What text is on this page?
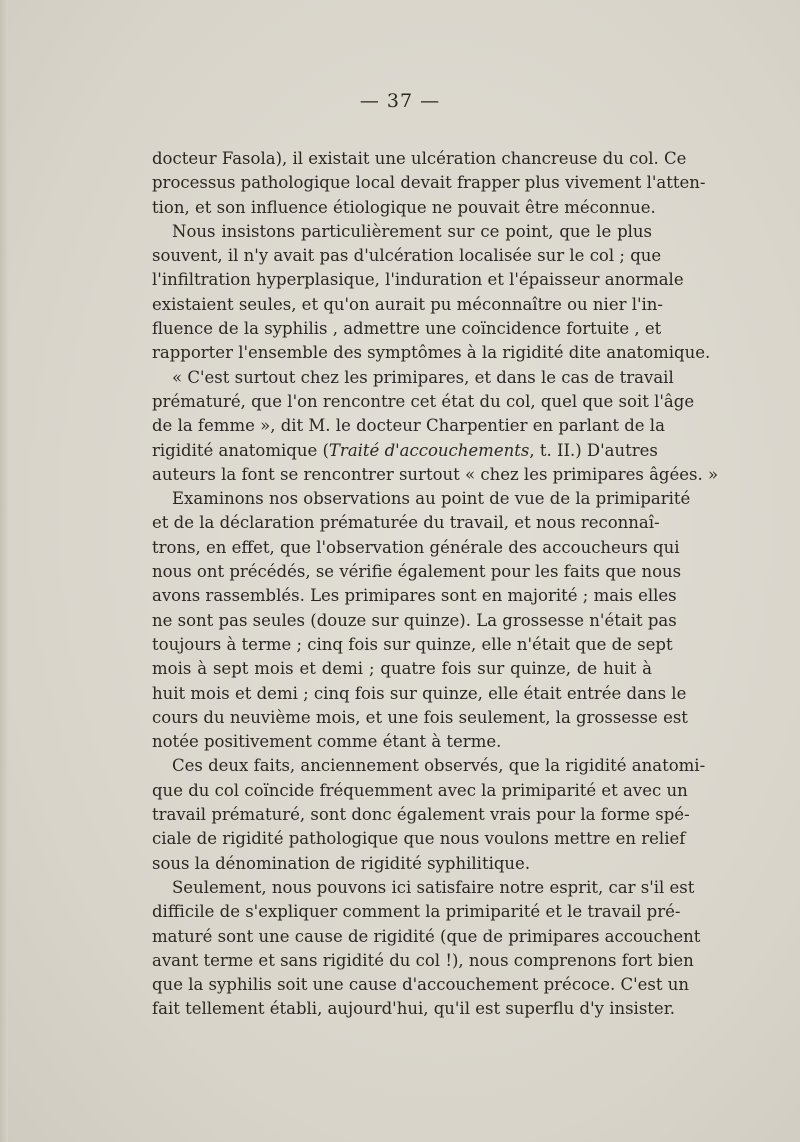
— 37 —
docteur Fasola), il existait une ulcération chancreuse du col. Ce
processus pathologique local devait frapper plus vivement l'atten-
tion, et son influence étiologique ne pouvait être méconnue.
Nous insistons particulièrement sur ce point, que le plus
souvent, il n'y avait pas d'ulcération localisée sur le col ; que
l'infiltration hyperplasique, l'induration et l'épaisseur anormale
existaient seules, et qu'on aurait pu méconnaître ou nier l'in-
fluence de la syphilis , admettre une coïncidence fortuite , et
rapporter l'ensemble des symptômes à la rigidité dite anatomique.
« C'est surtout chez les primipares, et dans le cas de travail
prématuré, que l'on rencontre cet état du col, quel que soit l'âge
de la femme », dit M. le docteur Charpentier en parlant de la
rigidité anatomique (Traité d'accouchements, t. II.) D'autres
auteurs la font se rencontrer surtout « chez les primipares âgées. »
Examinons nos observations au point de vue de la primiparité
et de la déclaration prématurée du travail, et nous reconnaî-
trons, en effet, que l'observation générale des accoucheurs qui
nous ont précédés, se vérifie également pour les faits que nous
avons rassemblés. Les primipares sont en majorité ; mais elles
ne sont pas seules (douze sur quinze). La grossesse n'était pas
toujours à terme ; cinq fois sur quinze, elle n'était que de sept
mois à sept mois et demi ; quatre fois sur quinze, de huit à
huit mois et demi ; cinq fois sur quinze, elle était entrée dans le
cours du neuvième mois, et une fois seulement, la grossesse est
notée positivement comme étant à terme.
Ces deux faits, anciennement observés, que la rigidité anatomi-
que du col coïncide fréquemment avec la primiparité et avec un
travail prématuré, sont donc également vrais pour la forme spé-
ciale de rigidité pathologique que nous voulons mettre en relief
sous la dénomination de rigidité syphilitique.
Seulement, nous pouvons ici satisfaire notre esprit, car s'il est
difficile de s'expliquer comment la primiparité et le travail pré-
maturé sont une cause de rigidité (que de primipares accouchent
avant terme et sans rigidité du col !), nous comprenons fort bien
que la syphilis soit une cause d'accouchement précoce. C'est un
fait tellement établi, aujourd'hui, qu'il est superflu d'y insister.
